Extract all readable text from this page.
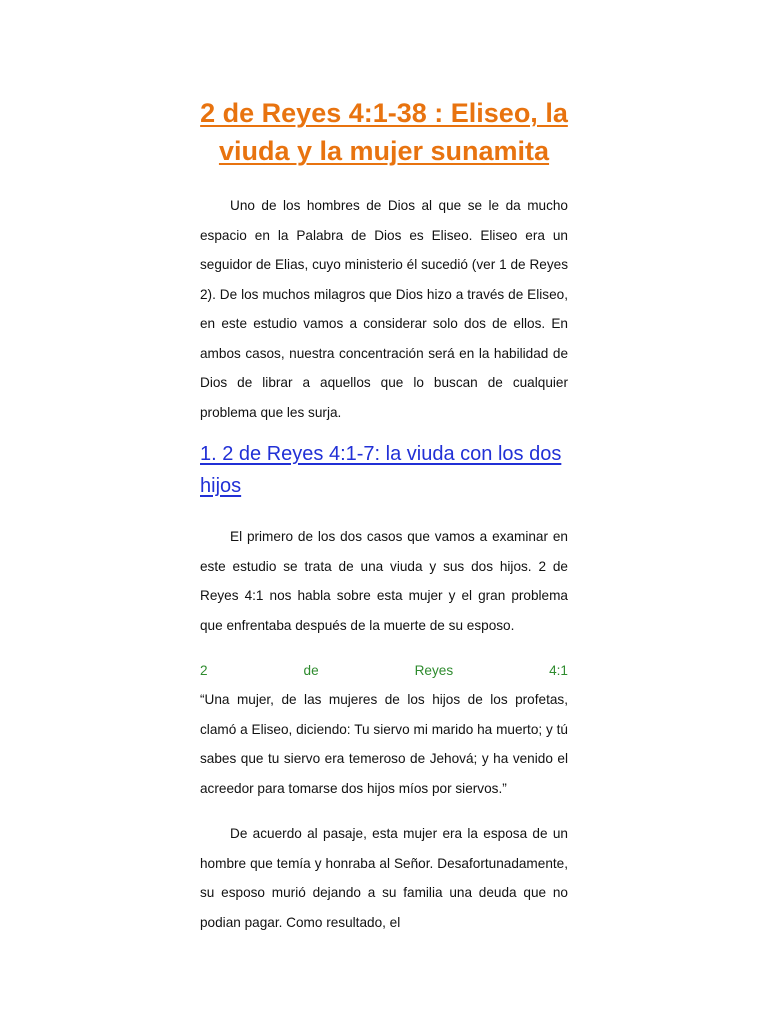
2 de Reyes 4:1-38 : Eliseo, la viuda y la mujer sunamita

Uno de los hombres de Dios al que se le da mucho espacio en la Palabra de Dios es Eliseo. Eliseo era un seguidor de Elias, cuyo ministerio él sucedió (ver 1 de Reyes 2). De los muchos milagros que Dios hizo a través de Eliseo, en este estudio vamos a considerar solo dos de ellos. En ambos casos, nuestra concentración será en la habilidad de Dios de librar a aquellos que lo buscan de cualquier problema que les surja.

1. 2 de Reyes 4:1-7: la viuda con los dos hijos

El primero de los dos casos que vamos a examinar en este estudio se trata de una viuda y sus dos hijos. 2 de Reyes 4:1 nos habla sobre esta mujer y el gran problema que enfrentaba después de la muerte de su esposo.

2	de	Reyes	4:1

“Una mujer, de las mujeres de los hijos de los profetas, clamó a Eliseo, diciendo: Tu siervo mi marido ha muerto; y tú sabes que tu siervo era temeroso de Jehová; y ha venido el acreedor para tomarse dos hijos míos por siervos.”

De acuerdo al pasaje, esta mujer era la esposa de un hombre que temía y honraba al Señor. Desafortunadamente, su esposo murió dejando a su familia una deuda que no podian pagar. Como resultado, el
